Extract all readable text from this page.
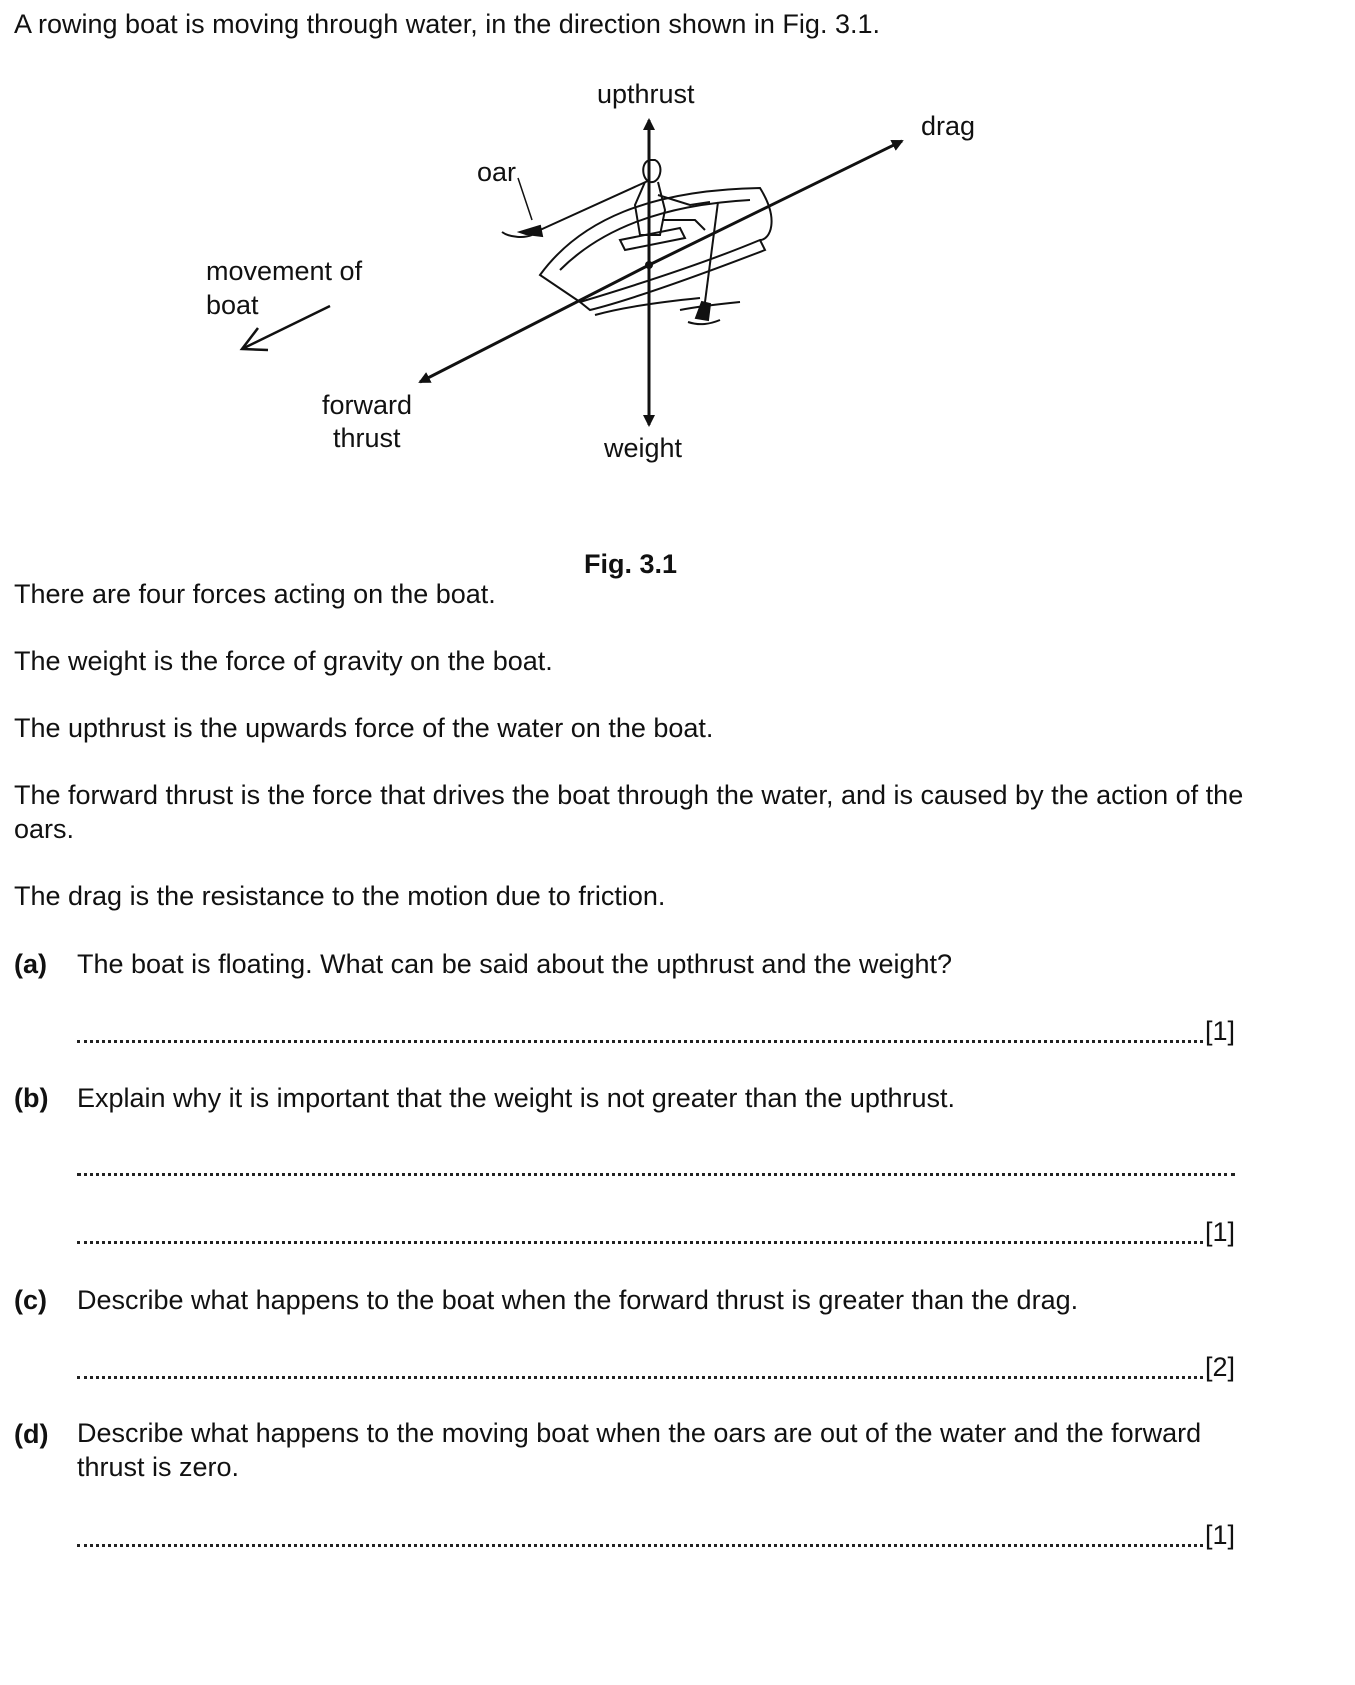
A rowing boat is moving through water, in the direction shown in Fig. 3.1.
upthrust
drag
oar
movement of
boat
forward
thrust	weight
Fig. 3.1
There are four forces acting on the boat.
The weight is the force of gravity on the boat.
The upthrust is the upwards force of the water on the boat.
The forward thrust is the force that drives the boat through the water, and is caused by the action of the oars.
The drag is the resistance to the motion due to friction.
(a) The boat is floating. What can be said about the upthrust and the weight?
[1]
(b) Explain why it is important that the weight is not greater than the upthrust.
[1]
(c) Describe what happens to the boat when the forward thrust is greater than the drag.
[2]
(d) Describe what happens to the moving boat when the oars are out of the water and the forward thrust is zero.
[1]
